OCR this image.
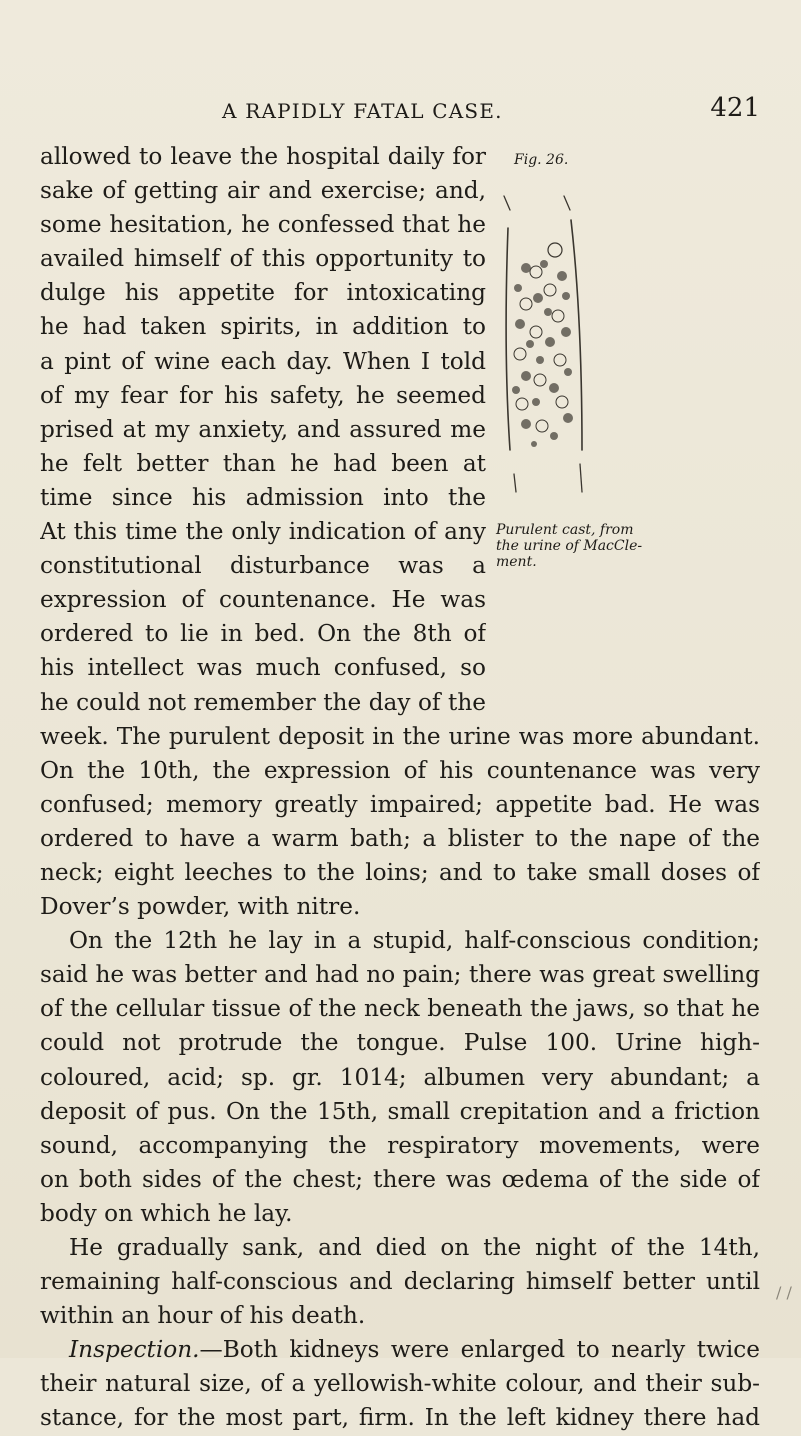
A RAPIDLY FATAL CASE.	421
allowed to leave the hospital daily for
sake of getting air and exercise; and,
some hesitation, he confessed that he
availed himself of this opportunity to
dulge his appetite for intoxicating
he had taken spirits, in addition to
a pint of wine each day. When I told
of my fear for his safety, he seemed
prised at my anxiety, and assured me
he felt better than he had been at
time since his admission into the
At this time the only indication of any
constitutional disturbance was a
expression of countenance. He was
ordered to lie in bed. On the 8th of
his intellect was much confused, so
he could not remember the day of the
week. The purulent deposit in the urine was more abundant.
On the 10th, the expression of his countenance was very
confused; memory greatly impaired; appetite bad. He was
ordered to have a warm bath; a blister to the nape of the
neck; eight leeches to the loins; and to take small doses of
Dover’s powder, with nitre.
On the 12th he lay in a stupid, half-conscious condition;
said he was better and had no pain; there was great swelling
of the cellular tissue of the neck beneath the jaws, so that he
could not protrude the tongue. Pulse 100. Urine high-
coloured, acid; sp. gr. 1014; albumen very abundant; a
deposit of pus. On the 15th, small crepitation and a friction
sound, accompanying the respiratory movements, were
on both sides of the chest; there was œdema of the side of
body on which he lay.
He gradually sank, and died on the night of the 14th,
remaining half-conscious and declaring himself better until
within an hour of his death.
Inspection.—Both kidneys were enlarged to nearly twice
their natural size, of a yellowish-white colour, and their sub-
stance, for the most part, firm. In the left kidney there had
Fig. 26.
Purulent cast, from
the urine of MacCle-
ment.
/ /
